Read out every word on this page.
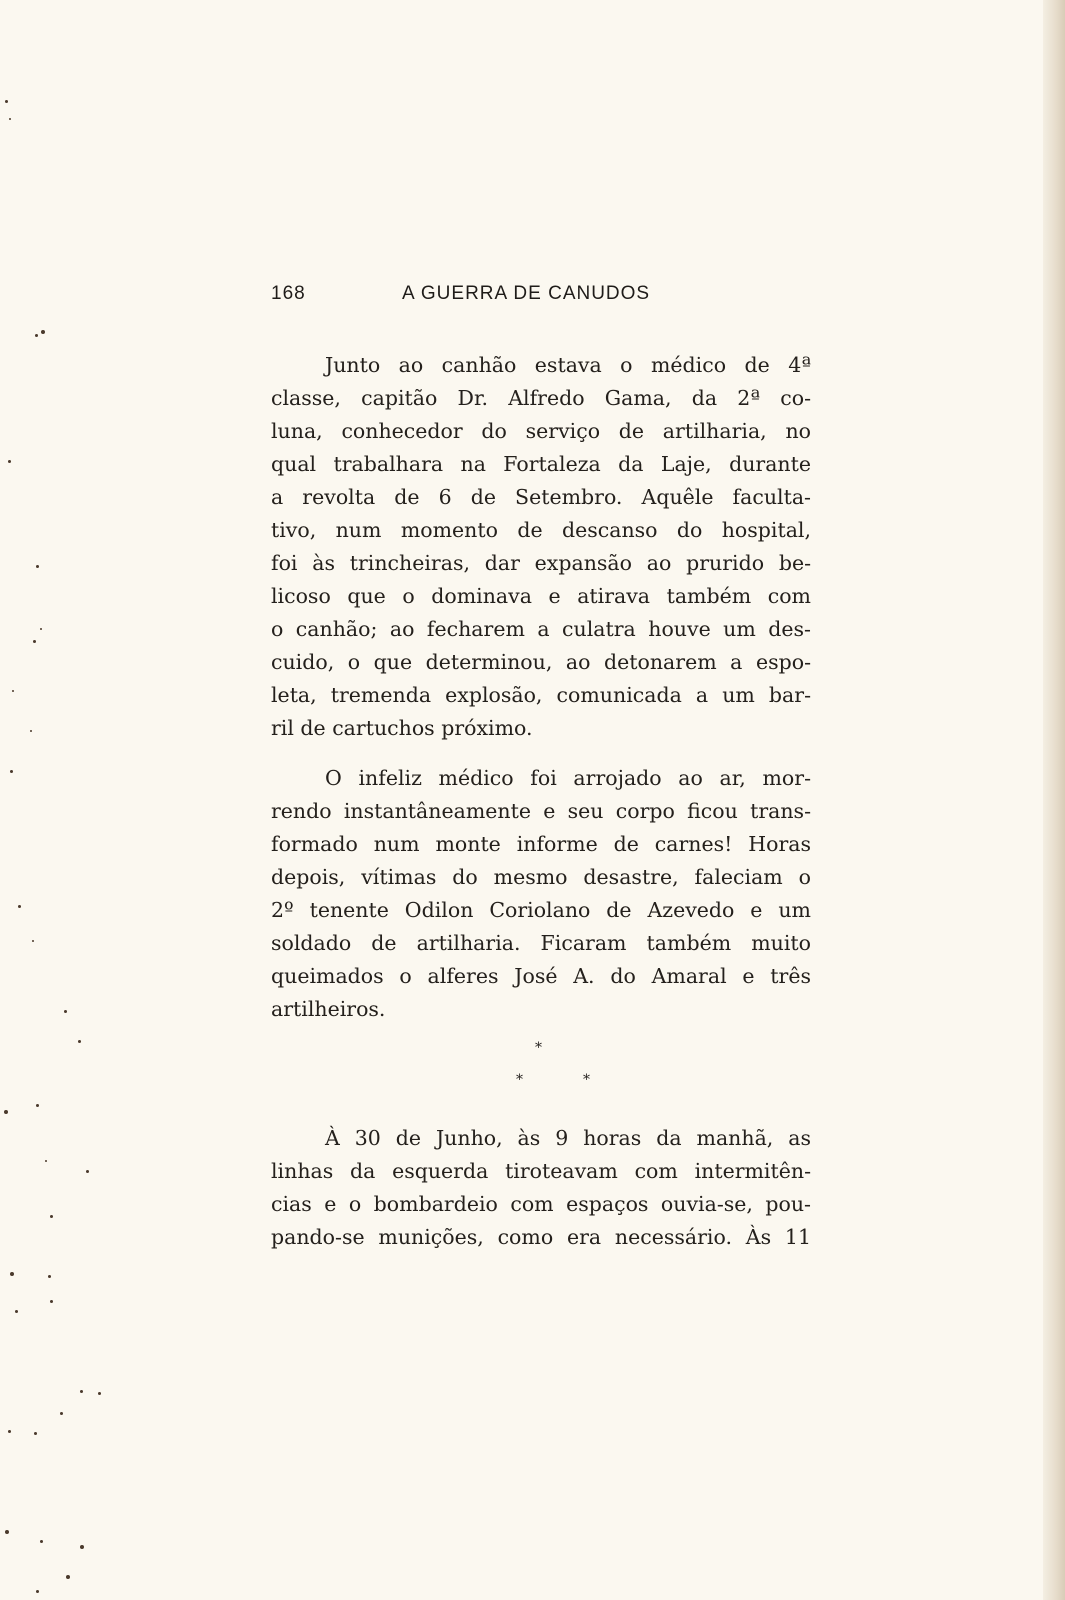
168	A GUERRA DE CANUDOS
Junto ao canhão estava o médico de 4ª
classe, capitão Dr. Alfredo Gama, da 2ª co-
luna, conhecedor do serviço de artilharia, no
qual trabalhara na Fortaleza da Laje, durante
a revolta de 6 de Setembro. Aquêle faculta-
tivo, num momento de descanso do hospital,
foi às trincheiras, dar expansão ao prurido be-
licoso que o dominava e atirava também com
o canhão; ao fecharem a culatra houve um des-
cuido, o que determinou, ao detonarem a espo-
leta, tremenda explosão, comunicada a um bar-
ril de cartuchos próximo.
O infeliz médico foi arrojado ao ar, mor-
rendo instantâneamente e seu corpo ficou trans-
formado num monte informe de carnes! Horas
depois, vítimas do mesmo desastre, faleciam o
2º tenente Odilon Coriolano de Azevedo e um
soldado de artilharia. Ficaram também muito
queimados o alferes José A. do Amaral e três
artilheiros.
*
*	*
À 30 de Junho, às 9 horas da manhã, as
linhas da esquerda tiroteavam com intermitên-
cias e o bombardeio com espaços ouvia-se, pou-
pando-se munições, como era necessário. Às 11
